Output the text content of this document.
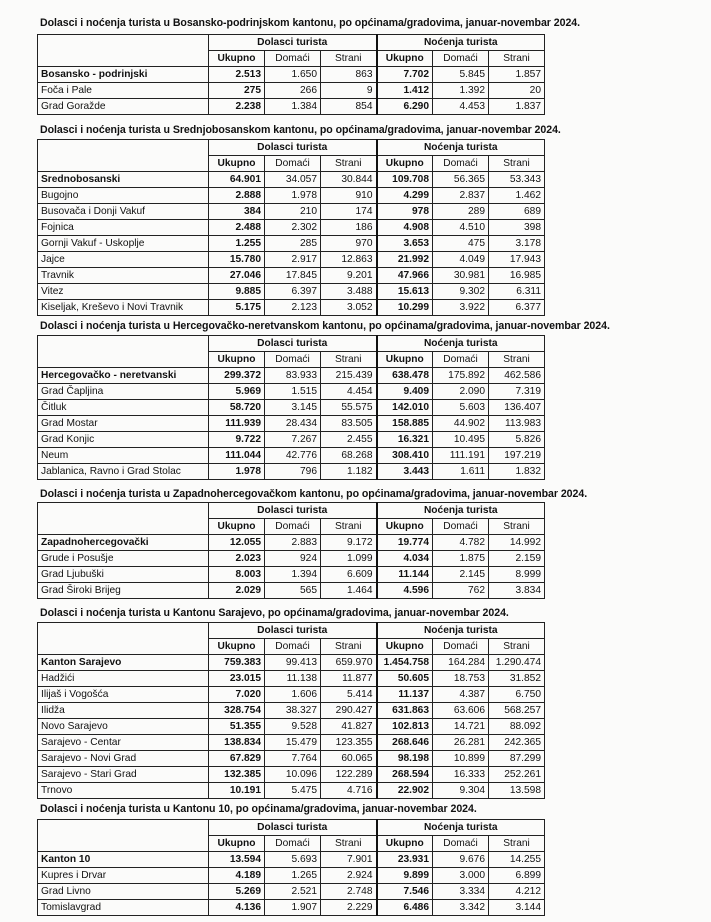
Dolasci i noćenja turista u Bosansko-podrinjskom kantonu, po općinama/gradovima, januar-novembar 2024.
	Dolasci turista			Noćenja turista		
	Ukupno	Domaći	Strani	Ukupno	Domaći	Strani
Bosansko - podrinjski	2.513	1.650	863	7.702	5.845	1.857
Foča i Pale	275	266	9	1.412	1.392	20
Grad Goražde	2.238	1.384	854	6.290	4.453	1.837
Dolasci i noćenja turista u Srednjobosanskom kantonu, po općinama/gradovima, januar-novembar 2024.
	Dolasci turista			Noćenja turista		
	Ukupno	Domaći	Strani	Ukupno	Domaći	Strani
Srednobosanski	64.901	34.057	30.844	109.708	56.365	53.343
Bugojno	2.888	1.978	910	4.299	2.837	1.462
Busovača i Donji Vakuf	384	210	174	978	289	689
Fojnica	2.488	2.302	186	4.908	4.510	398
Gornji Vakuf - Uskoplje	1.255	285	970	3.653	475	3.178
Jajce	15.780	2.917	12.863	21.992	4.049	17.943
Travnik	27.046	17.845	9.201	47.966	30.981	16.985
Vitez	9.885	6.397	3.488	15.613	9.302	6.311
Kiseljak, Kreševo i Novi Travnik	5.175	2.123	3.052	10.299	3.922	6.377
Dolasci i noćenja turista u Hercegovačko-neretvanskom kantonu, po općinama/gradovima, januar-novembar 2024.
	Dolasci turista			Noćenja turista		
	Ukupno	Domaći	Strani	Ukupno	Domaći	Strani
Hercegovačko - neretvanski	299.372	83.933	215.439	638.478	175.892	462.586
Grad Čapljina	5.969	1.515	4.454	9.409	2.090	7.319
Čitluk	58.720	3.145	55.575	142.010	5.603	136.407
Grad Mostar	111.939	28.434	83.505	158.885	44.902	113.983
Grad Konjic	9.722	7.267	2.455	16.321	10.495	5.826
Neum	111.044	42.776	68.268	308.410	111.191	197.219
Jablanica, Ravno i Grad Stolac	1.978	796	1.182	3.443	1.611	1.832
Dolasci i noćenja turista u Zapadnohercegovačkom kantonu, po općinama/gradovima, januar-novembar 2024.
	Dolasci turista			Noćenja turista		
	Ukupno	Domaći	Strani	Ukupno	Domaći	Strani
Zapadnohercegovački	12.055	2.883	9.172	19.774	4.782	14.992
Grude i Posušje	2.023	924	1.099	4.034	1.875	2.159
Grad Ljubuški	8.003	1.394	6.609	11.144	2.145	8.999
Grad Široki Brijeg	2.029	565	1.464	4.596	762	3.834
Dolasci i noćenja turista u Kantonu Sarajevo, po općinama/gradovima, januar-novembar 2024.
	Dolasci turista			Noćenja turista		
	Ukupno	Domaći	Strani	Ukupno	Domaći	Strani
Kanton Sarajevo	759.383	99.413	659.970	1.454.758	164.284	1.290.474
Hadžići	23.015	11.138	11.877	50.605	18.753	31.852
Ilijaš i Vogošća	7.020	1.606	5.414	11.137	4.387	6.750
Ilidža	328.754	38.327	290.427	631.863	63.606	568.257
Novo Sarajevo	51.355	9.528	41.827	102.813	14.721	88.092
Sarajevo - Centar	138.834	15.479	123.355	268.646	26.281	242.365
Sarajevo - Novi Grad	67.829	7.764	60.065	98.198	10.899	87.299
Sarajevo - Stari Grad	132.385	10.096	122.289	268.594	16.333	252.261
Trnovo	10.191	5.475	4.716	22.902	9.304	13.598
Dolasci i noćenja turista u Kantonu 10, po općinama/gradovima, januar-novembar 2024.
	Dolasci turista			Noćenja turista		
	Ukupno	Domaći	Strani	Ukupno	Domaći	Strani
Kanton 10	13.594	5.693	7.901	23.931	9.676	14.255
Kupres i Drvar	4.189	1.265	2.924	9.899	3.000	6.899
Grad Livno	5.269	2.521	2.748	7.546	3.334	4.212
Tomislavgrad	4.136	1.907	2.229	6.486	3.342	3.144
